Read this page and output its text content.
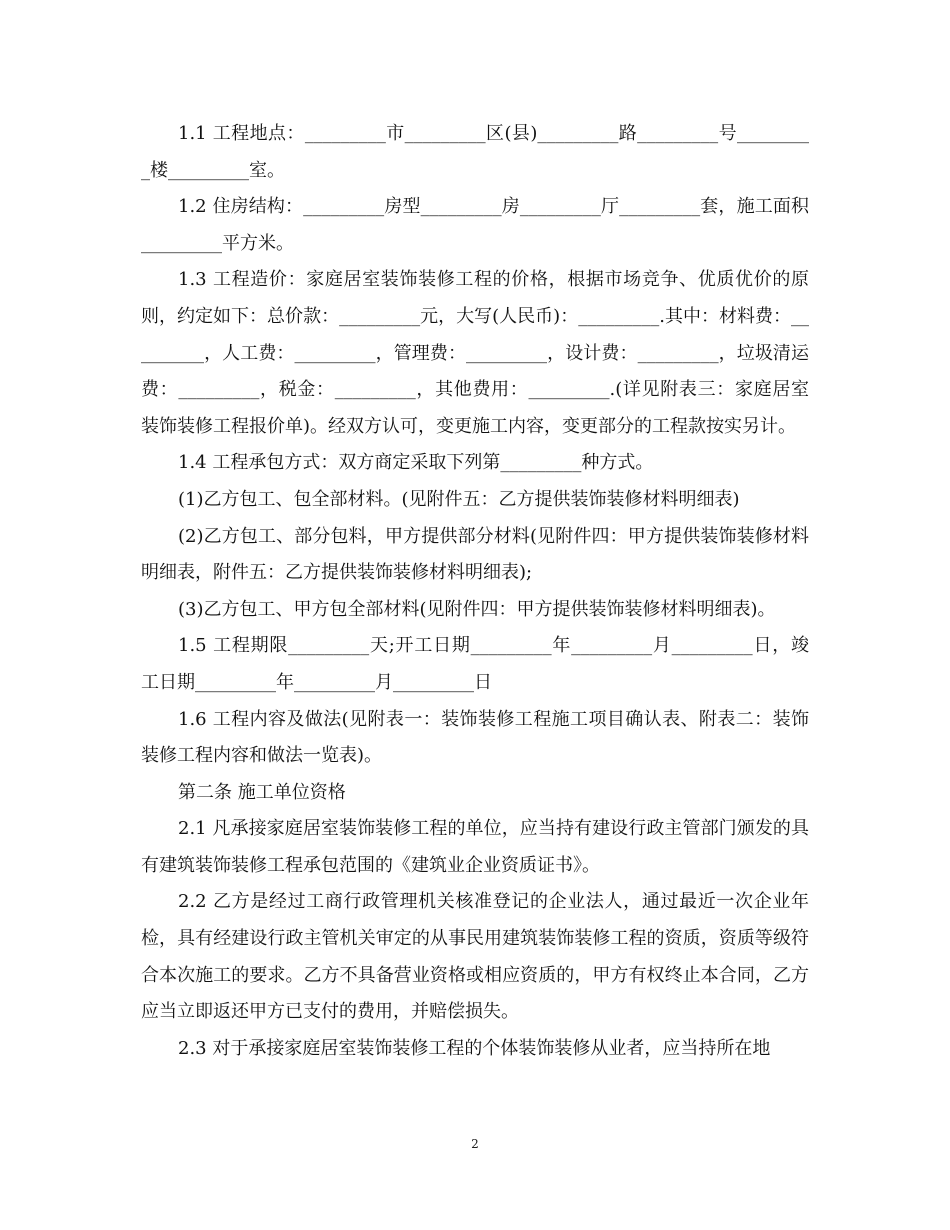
1.1 工程地点：_________市_________区(县)_________路_________号_________楼_________室。

1.2 住房结构：_________房型_________房_________厅_________套，施工面积_________平方米。

1.3 工程造价：家庭居室装饰装修工程的价格，根据市场竞争、优质优价的原则，约定如下：总价款：_________元，大写(人民币)：_________.其中：材料费：_________，人工费：_________，管理费：_________，设计费：_________，垃圾清运费：_________，税金：_________，其他费用：_________.(详见附表三：家庭居室装饰装修工程报价单)。经双方认可，变更施工内容，变更部分的工程款按实另计。

1.4 工程承包方式：双方商定采取下列第_________种方式。

(1)乙方包工、包全部材料。(见附件五：乙方提供装饰装修材料明细表)

(2)乙方包工、部分包料，甲方提供部分材料(见附件四：甲方提供装饰装修材料明细表，附件五：乙方提供装饰装修材料明细表);

(3)乙方包工、甲方包全部材料(见附件四：甲方提供装饰装修材料明细表)。

1.5 工程期限_________天;开工日期_________年_________月_________日，竣工日期_________年_________月_________日

1.6 工程内容及做法(见附表一：装饰装修工程施工项目确认表、附表二：装饰装修工程内容和做法一览表)。

第二条 施工单位资格

2.1 凡承接家庭居室装饰装修工程的单位，应当持有建设行政主管部门颁发的具有建筑装饰装修工程承包范围的《建筑业企业资质证书》。

2.2 乙方是经过工商行政管理机关核准登记的企业法人，通过最近一次企业年检，具有经建设行政主管机关审定的从事民用建筑装饰装修工程的资质，资质等级符合本次施工的要求。乙方不具备营业资格或相应资质的，甲方有权终止本合同，乙方应当立即返还甲方已支付的费用，并赔偿损失。

2.3 对于承接家庭居室装饰装修工程的个体装饰装修从业者，应当持所在地

2
